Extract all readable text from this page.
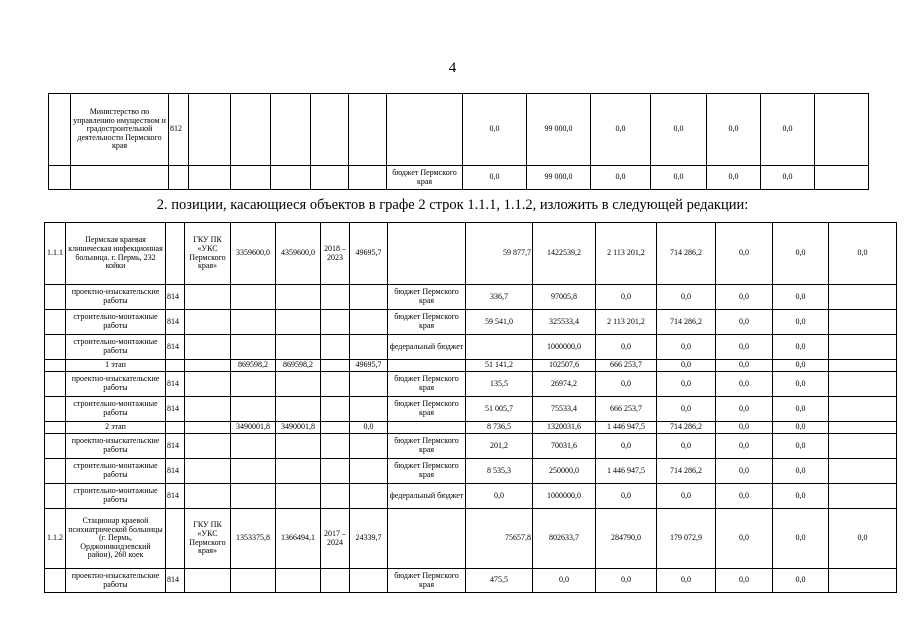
4
	Министерство по управлению имуществом и градостроительной деятельности Пермского края	812							0,0	99 000,0	0,0	0,0	0,0	0,0	
								бюджет Пермского края	0,0	99 000,0	0,0	0,0	0,0	0,0	
2. позиции, касающиеся объектов в графе 2 строк 1.1.1, 1.1.2, изложить в следующей редакции:
1.1.1	Пермская краевая клиническая инфекционная больница. г. Пермь, 232 койки		ГКУ ПК «УКС Пермского края»	3359600,0	4359600,0	2018 – 2023	49695,7		59 877,7	1422539,2	2 113 201,2	714 286,2	0,0	0,0	0,0
	проектно-изыскательские работы	814						бюджет Пермского края	336,7	97005,8	0,0	0,0	0,0	0,0	
	строительно-монтажные работы	814						бюджет Пермского края	59 541,0	325533,4	2 113 201,2	714 286,2	0,0	0,0	
	строительно-монтажные работы	814						федеральный бюджет		1000000,0	0,0	0,0	0,0	0,0	
	1 этап			869598,2	869598,2		49695,7		51 141,2	102507,6	666 253,7	0,0	0,0	0,0	
	проектно-изыскательские работы	814						бюджет Пермского края	135,5	26974,2	0,0	0,0	0,0	0,0	
	строительно-монтажные работы	814						бюджет Пермского края	51 005,7	75533,4	666 253,7	0,0	0,0	0,0	
	2 этап			3490001,8	3490001,8		0,0		8 736,5	1320031,6	1 446 947,5	714 286,2	0,0	0,0	
	проектно-изыскательские работы	814						бюджет Пермского края	201,2	70031,6	0,0	0,0	0,0	0,0	
	строительно-монтажные работы	814						бюджет Пермского края	8 535,3	250000,0	1 446 947,5	714 286,2	0,0	0,0	
	строительно-монтажные работы	814						федеральный бюджет	0,0	1000000,0	0,0	0,0	0,0	0,0	
1.1.2	Стационар краевой психиатрической больницы (г. Пермь, Орджоникидзевский район), 260 коек		ГКУ ПК «УКС Пермского края»	1353375,8	1366494,1	2017 – 2024	24339,7		75657,8	802633,7	284790,0	179 072,9	0,0	0,0	0,0
	проектно-изыскательские работы	814						бюджет Пермского края	475,5	0,0	0,0	0,0	0,0	0,0	
